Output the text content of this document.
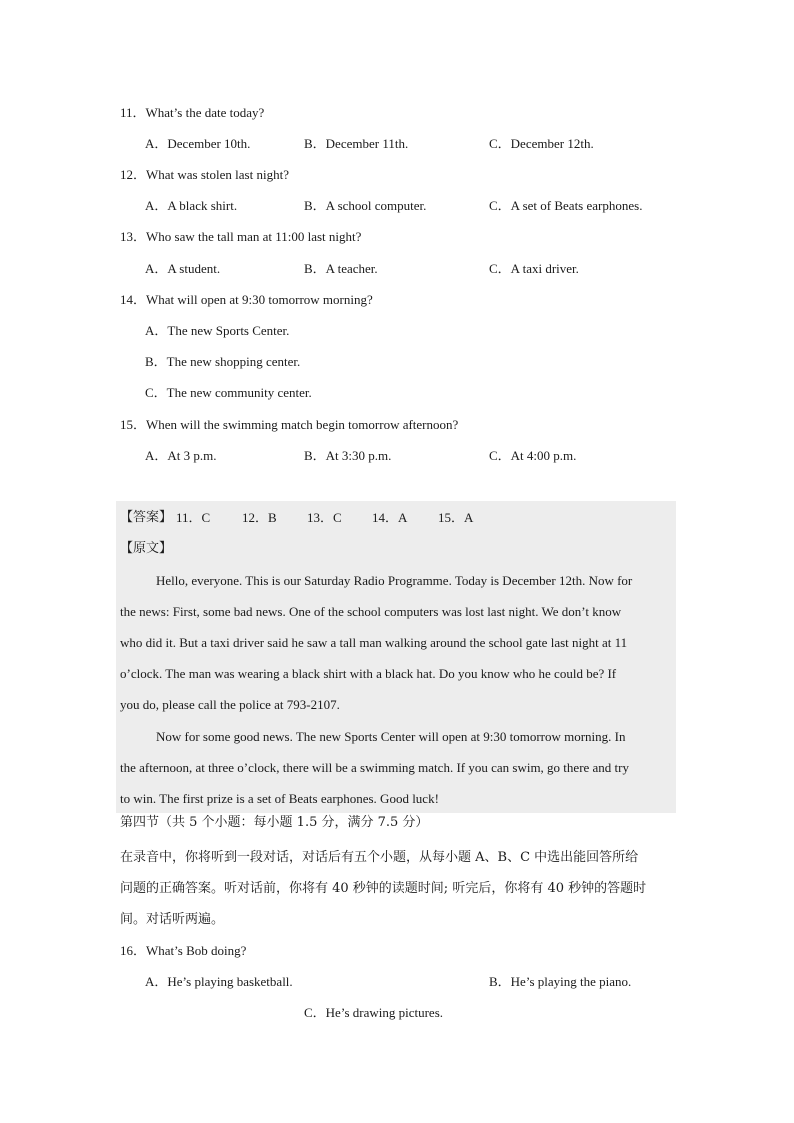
11．What’s the date today?
A．December 10th.	B．December 11th.	C．December 12th.
12．What was stolen last night?
A．A black shirt.	B．A school computer.	C．A set of Beats earphones.
13．Who saw the tall man at 11:00 last night?
A．A student.	B．A teacher.	C．A taxi driver.
14．What will open at 9:30 tomorrow morning?
A．The new Sports Center.
B．The new shopping center.
C．The new community center.
15．When will the swimming match begin tomorrow afternoon?
A．At 3 p.m.	B．At 3:30 p.m.	C．At 4:00 p.m.
【答案】 11．C 12．B 13．C 14．A 15．A
【原文】
Hello, everyone. This is our Saturday Radio Programme. Today is December 12th. Now for
the news: First, some bad news. One of the school computers was lost last night. We don’t know
who did it. But a taxi driver said he saw a tall man walking around the school gate last night at 11
o’clock. The man was wearing a black shirt with a black hat. Do you know who he could be? If
you do, please call the police at 793-2107.
Now for some good news. The new Sports Center will open at 9:30 tomorrow morning. In
the afternoon, at three o’clock, there will be a swimming match. If you can swim, go there and try
to win. The first prize is a set of Beats earphones. Good luck!
第四节（共 5 个小题：每小题 1.5 分，满分 7.5 分）
在录音中，你将听到一段对话，对话后有五个小题，从每小题 A、B、C 中选出能回答所给
问题的正确答案。听对话前，你将有 40 秒钟的读题时间; 听完后，你将有 40 秒钟的答题时
间。对话听两遍。
16．What’s Bob doing?
A．He’s playing basketball.	B．He’s playing the piano.
C．He’s drawing pictures.
